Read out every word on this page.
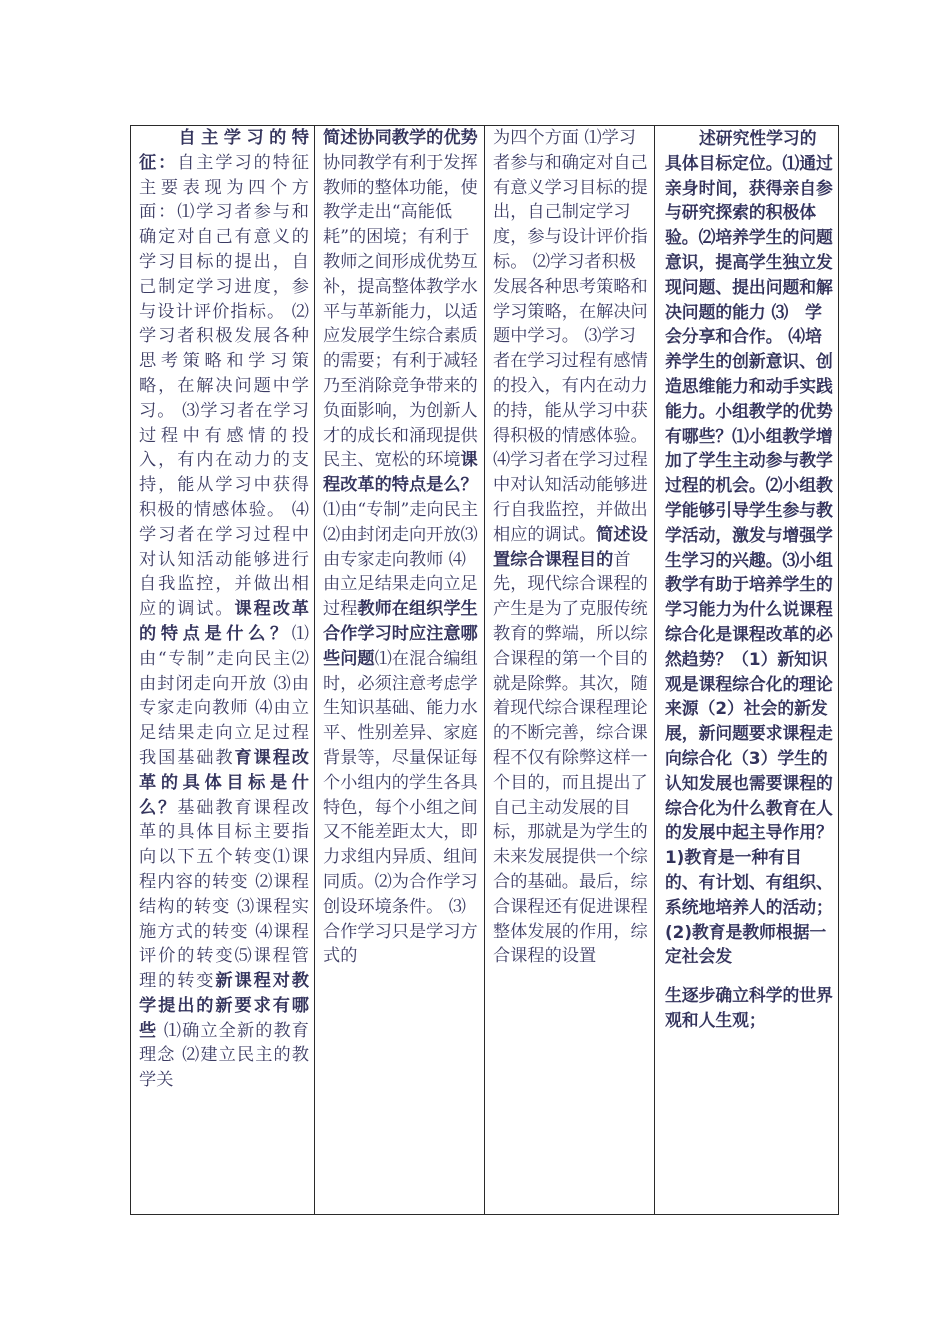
自主学习的特征：自主学习的特征主要表现为四个方面：⑴学习者参与和确定对自己有意义的学习目标的提出，自己制定学习进度，参与设计评价指标。 ⑵学习者积极发展各种思考策略和学习策略，在解决问题中学习。 ⑶学习者在学习过程中有感情的投入，有内在动力的支持，能从学习中获得积极的情感体验。 ⑷学习者在学习过程中对认知活动能够进行自我监控，并做出相应的调试。课程改革的特点是什么？⑴由“专制”走向民主⑵由封闭走向开放 ⑶由专家走向教师 ⑷由立足结果走向立足过程我国基础教育课程改革的具体目标是什么？基础教育课程改革的具体目标主要指向以下五个转变⑴课程内容的转变 ⑵课程结构的转变 ⑶课程实施方式的转变 ⑷课程评价的转变⑸课程管理的转变新课程对教学提出的新要求有哪些 ⑴确立全新的教育理念 ⑵建立民主的教学关
简述协同教学的优势 协同教学有利于发挥教师的整体功能，使教学走出“高能低耗”的困境；有利于教师之间形成优势互补，提高整体教学水平与革新能力，以适应发展学生综合素质的需要；有利于减轻乃至消除竞争带来的负面影响，为创新人才的成长和涌现提供民主、宽松的环境课程改革的特点是么？⑴由“专制”走向民主⑵由封闭走向开放⑶由专家走向教师 ⑷由立足结果走向立足过程教师在组织学生合作学习时应注意哪些问题⑴在混合编组时，必须注意考虑学生知识基础、能力水平、性别差异、家庭背景等，尽量保证每个小组内的学生各具特色，每个小组之间又不能差距太大，即力求组内异质、组间同质。⑵为合作学习创设环境条件。 ⑶合作学习只是学习方式的
为四个方面 ⑴学习者参与和确定对自己有意义学习目标的提出，自己制定学习度，参与设计评价指标。 ⑵学习者积极发展各种思考策略和学习策略，在解决问题中学习。 ⑶学习者在学习过程有感情的投入，有内在动力的持，能从学习中获得积极的情感体验。 ⑷学习者在学习过程中对认知活动能够进行自我监控，并做出相应的调试。简述设置综合课程目的首先，现代综合课程的产生是为了克服传统教育的弊端，所以综合课程的第一个目的就是除弊。其次，随着现代综合课程理论的不断完善，综合课程不仅有除弊这样一个目的，而且提出了自己主动发展的目标，那就是为学生的未来发展提供一个综合的基础。最后，综合课程还有促进课程整体发展的作用，综合课程的设置

述研究性学习的具体目标定位。⑴通过亲身时间，获得亲自参与研究探索的积极体验。⑵培养学生的问题意识，提高学生独立发现问题、提出问题和解决问题的能力 ⑶　学会分享和合作。 ⑷培养学生的创新意识、创造思维能力和动手实践能力。小组教学的优势有哪些？⑴小组教学增加了学生主动参与教学过程的机会。⑵小组教学能够引导学生参与教学活动，激发与增强学生学习的兴趣。⑶小组教学有助于培养学生的学习能力为什么说课程综合化是课程改革的必然趋势？（1）新知识观是课程综合化的理论来源（2）社会的新发展，新问题要求课程走向综合化（3）学生的认知发展也需要课程的综合化为什么教育在人的发展中起主导作用？1)教育是一种有目的、有计划、有组织、系统地培养人的活动；(2)教育是教师根据一定社会发

生逐步确立科学的世界观和人生观；
